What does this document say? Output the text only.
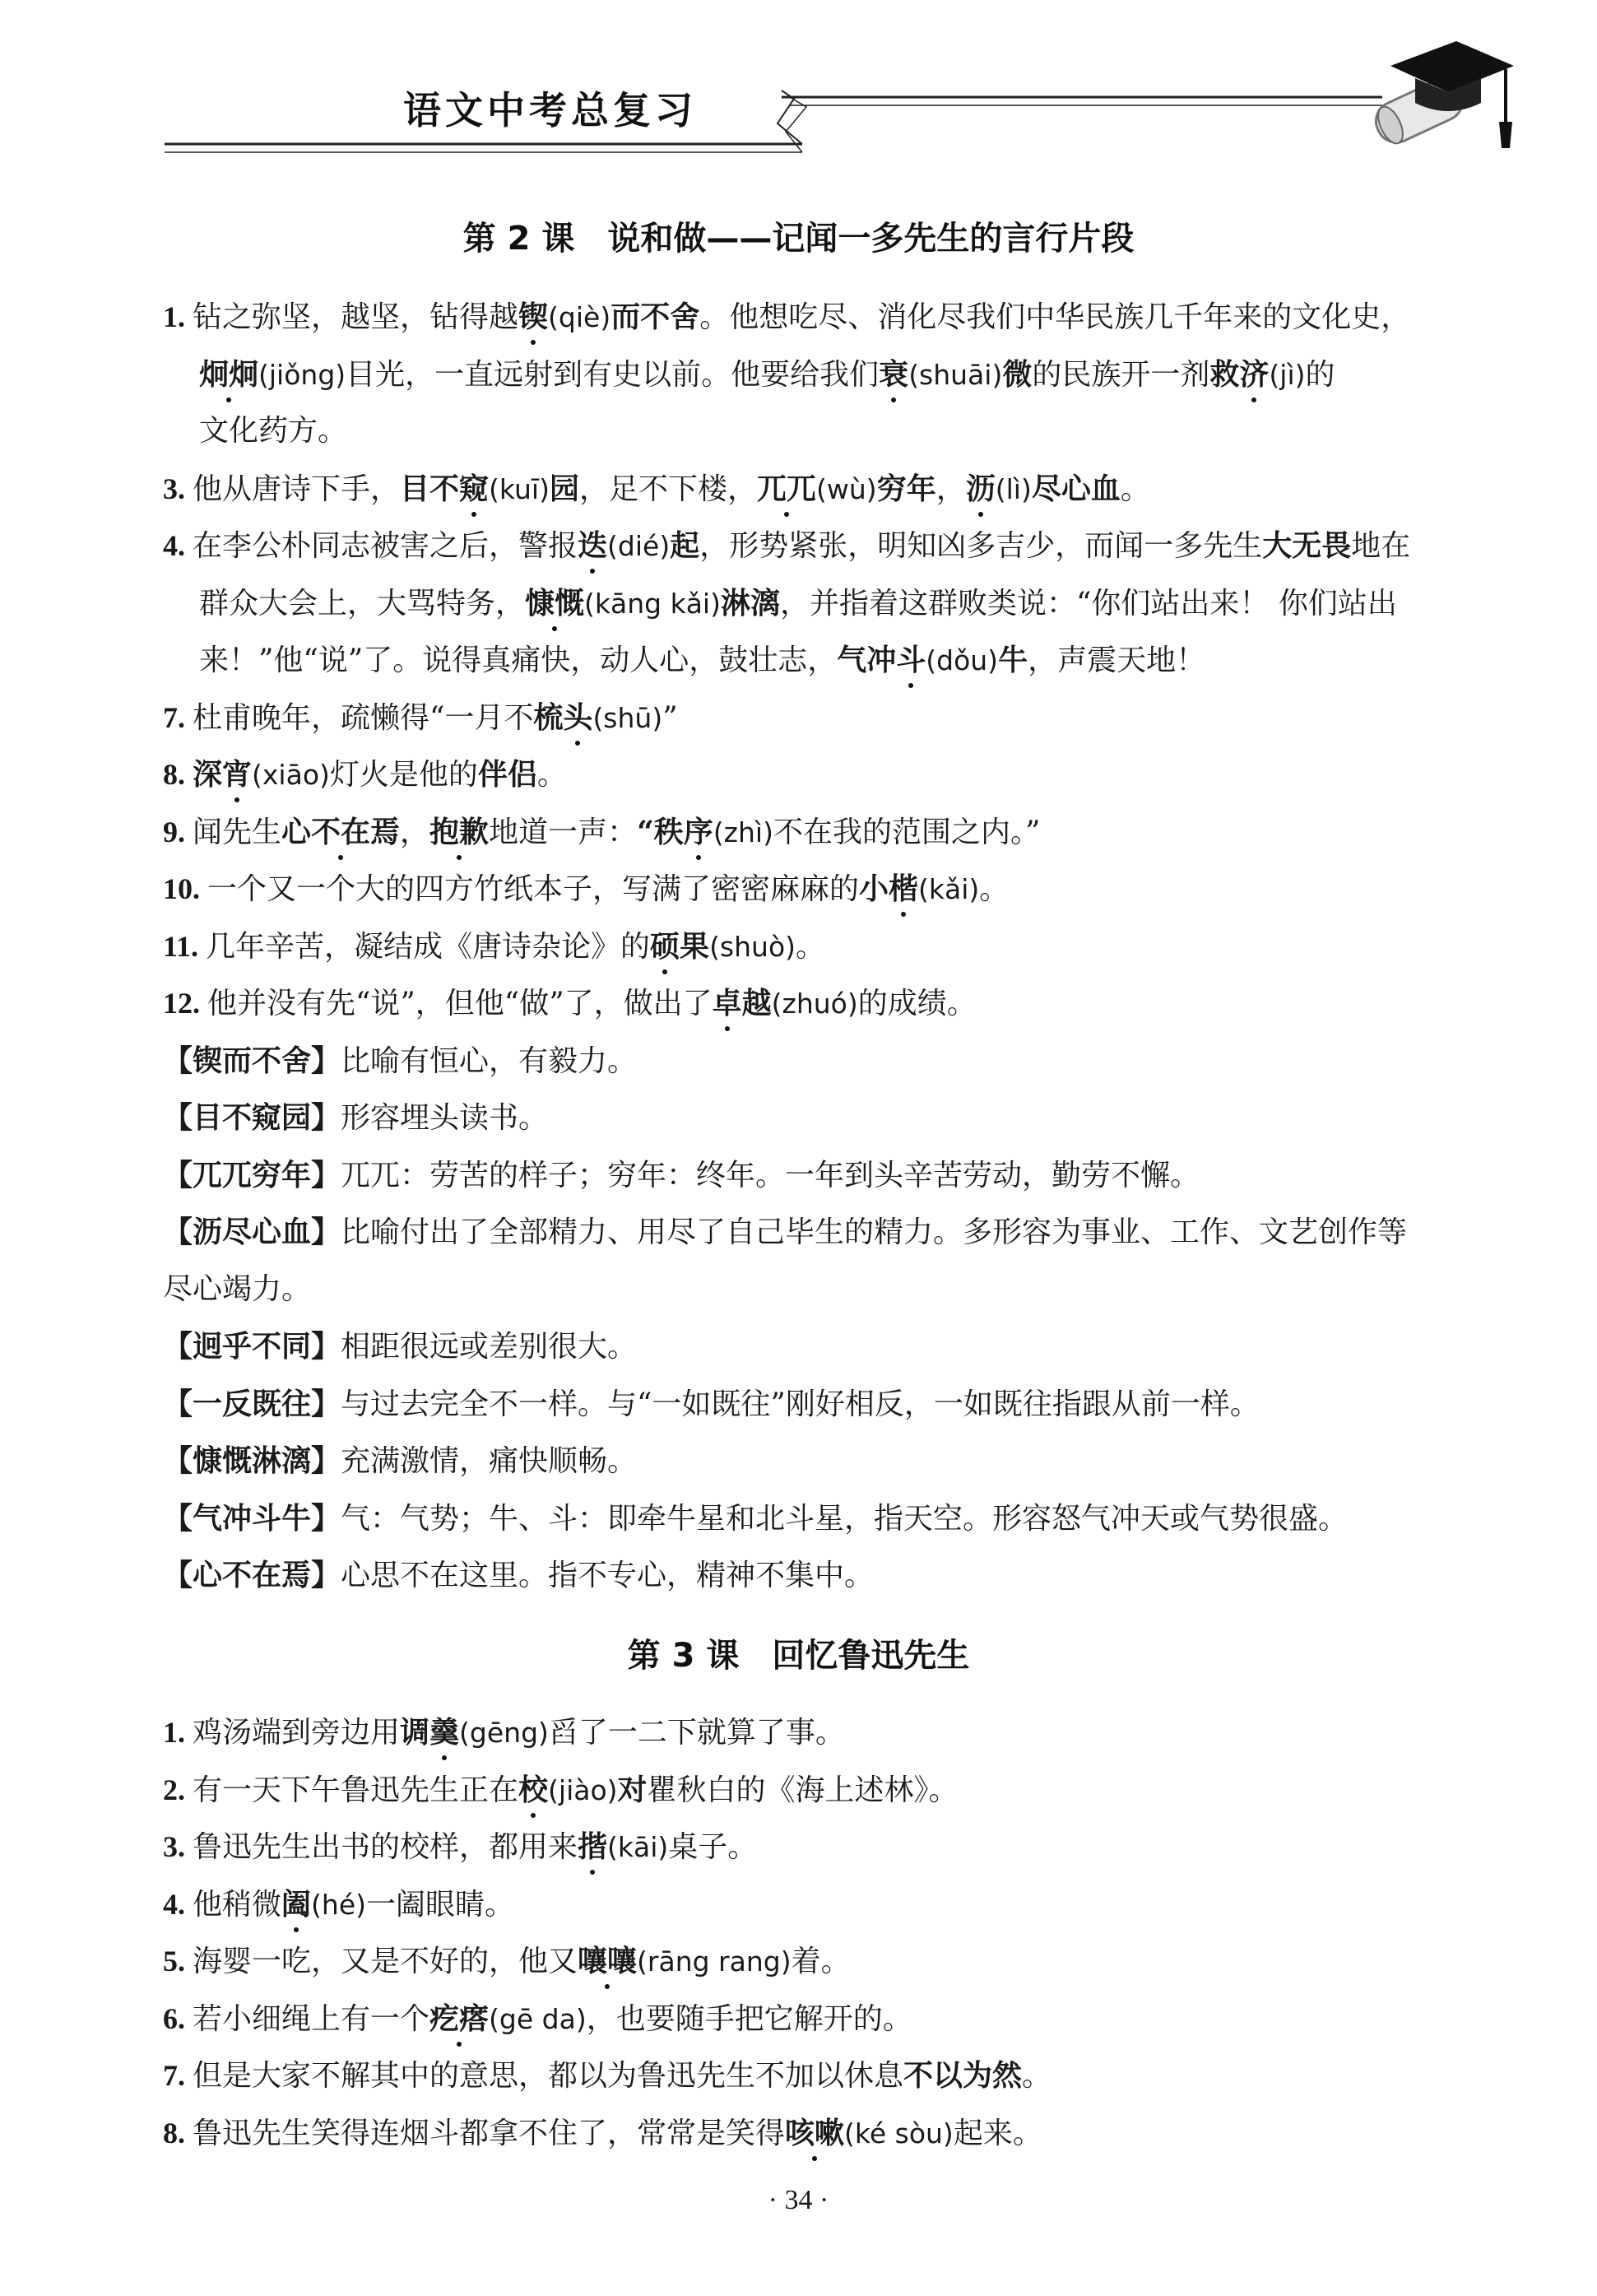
语文中考总复习
第 2 课　说和做——记闻一多先生的言行片段

1. 钻之弥坚，越坚，钻得越锲(qiè)而不舍。他想吃尽、消化尽我们中华民族几千年来的文化史，

炯炯(jiǒng)目光，一直远射到有史以前。他要给我们衰(shuāi)微的民族开一剂救济(jì)的

文化药方。

3. 他从唐诗下手，目不窥(kuī)园，足不下楼，兀兀(wù)穷年，沥(lì)尽心血。

4. 在李公朴同志被害之后，警报迭(dié)起，形势紧张，明知凶多吉少，而闻一多先生大无畏地在

群众大会上，大骂特务，慷慨(kāng kǎi)淋漓，并指着这群败类说：“你们站出来！ 你们站出

来！”他“说”了。说得真痛快，动人心，鼓壮志，气冲斗(dǒu)牛，声震天地！

7. 杜甫晚年，疏懒得“一月不梳头(shū)”

8. 深宵(xiāo)灯火是他的伴侣。

9. 闻先生心不在焉，抱歉地道一声：“秩序(zhì)不在我的范围之内。”

10. 一个又一个大的四方竹纸本子，写满了密密麻麻的小楷(kǎi)。

11. 几年辛苦，凝结成《唐诗杂论》的硕果(shuò)。

12. 他并没有先“说”，但他“做”了，做出了卓越(zhuó)的成绩。

【锲而不舍】比喻有恒心，有毅力。

【目不窥园】形容埋头读书。

【兀兀穷年】兀兀：劳苦的样子；穷年：终年。一年到头辛苦劳动，勤劳不懈。

【沥尽心血】比喻付出了全部精力、用尽了自己毕生的精力。多形容为事业、工作、文艺创作等

尽心竭力。

【迥乎不同】相距很远或差别很大。

【一反既往】与过去完全不一样。与“一如既往”刚好相反，一如既往指跟从前一样。

【慷慨淋漓】充满激情，痛快顺畅。

【气冲斗牛】气：气势；牛、斗：即牵牛星和北斗星，指天空。形容怒气冲天或气势很盛。

【心不在焉】心思不在这里。指不专心，精神不集中。

第 3 课　回忆鲁迅先生

1. 鸡汤端到旁边用调羹(gēng)舀了一二下就算了事。

2. 有一天下午鲁迅先生正在校(jiào)对瞿秋白的《海上述林》。

3. 鲁迅先生出书的校样，都用来揩(kāi)桌子。

4. 他稍微阖(hé)一阖眼睛。

5. 海婴一吃，又是不好的，他又嚷嚷(rāng rang)着。

6. 若小细绳上有一个疙瘩(gē da)，也要随手把它解开的。

7. 但是大家不解其中的意思，都以为鲁迅先生不加以休息不以为然。

8. 鲁迅先生笑得连烟斗都拿不住了，常常是笑得咳嗽(ké sòu)起来。

· 34 ·
